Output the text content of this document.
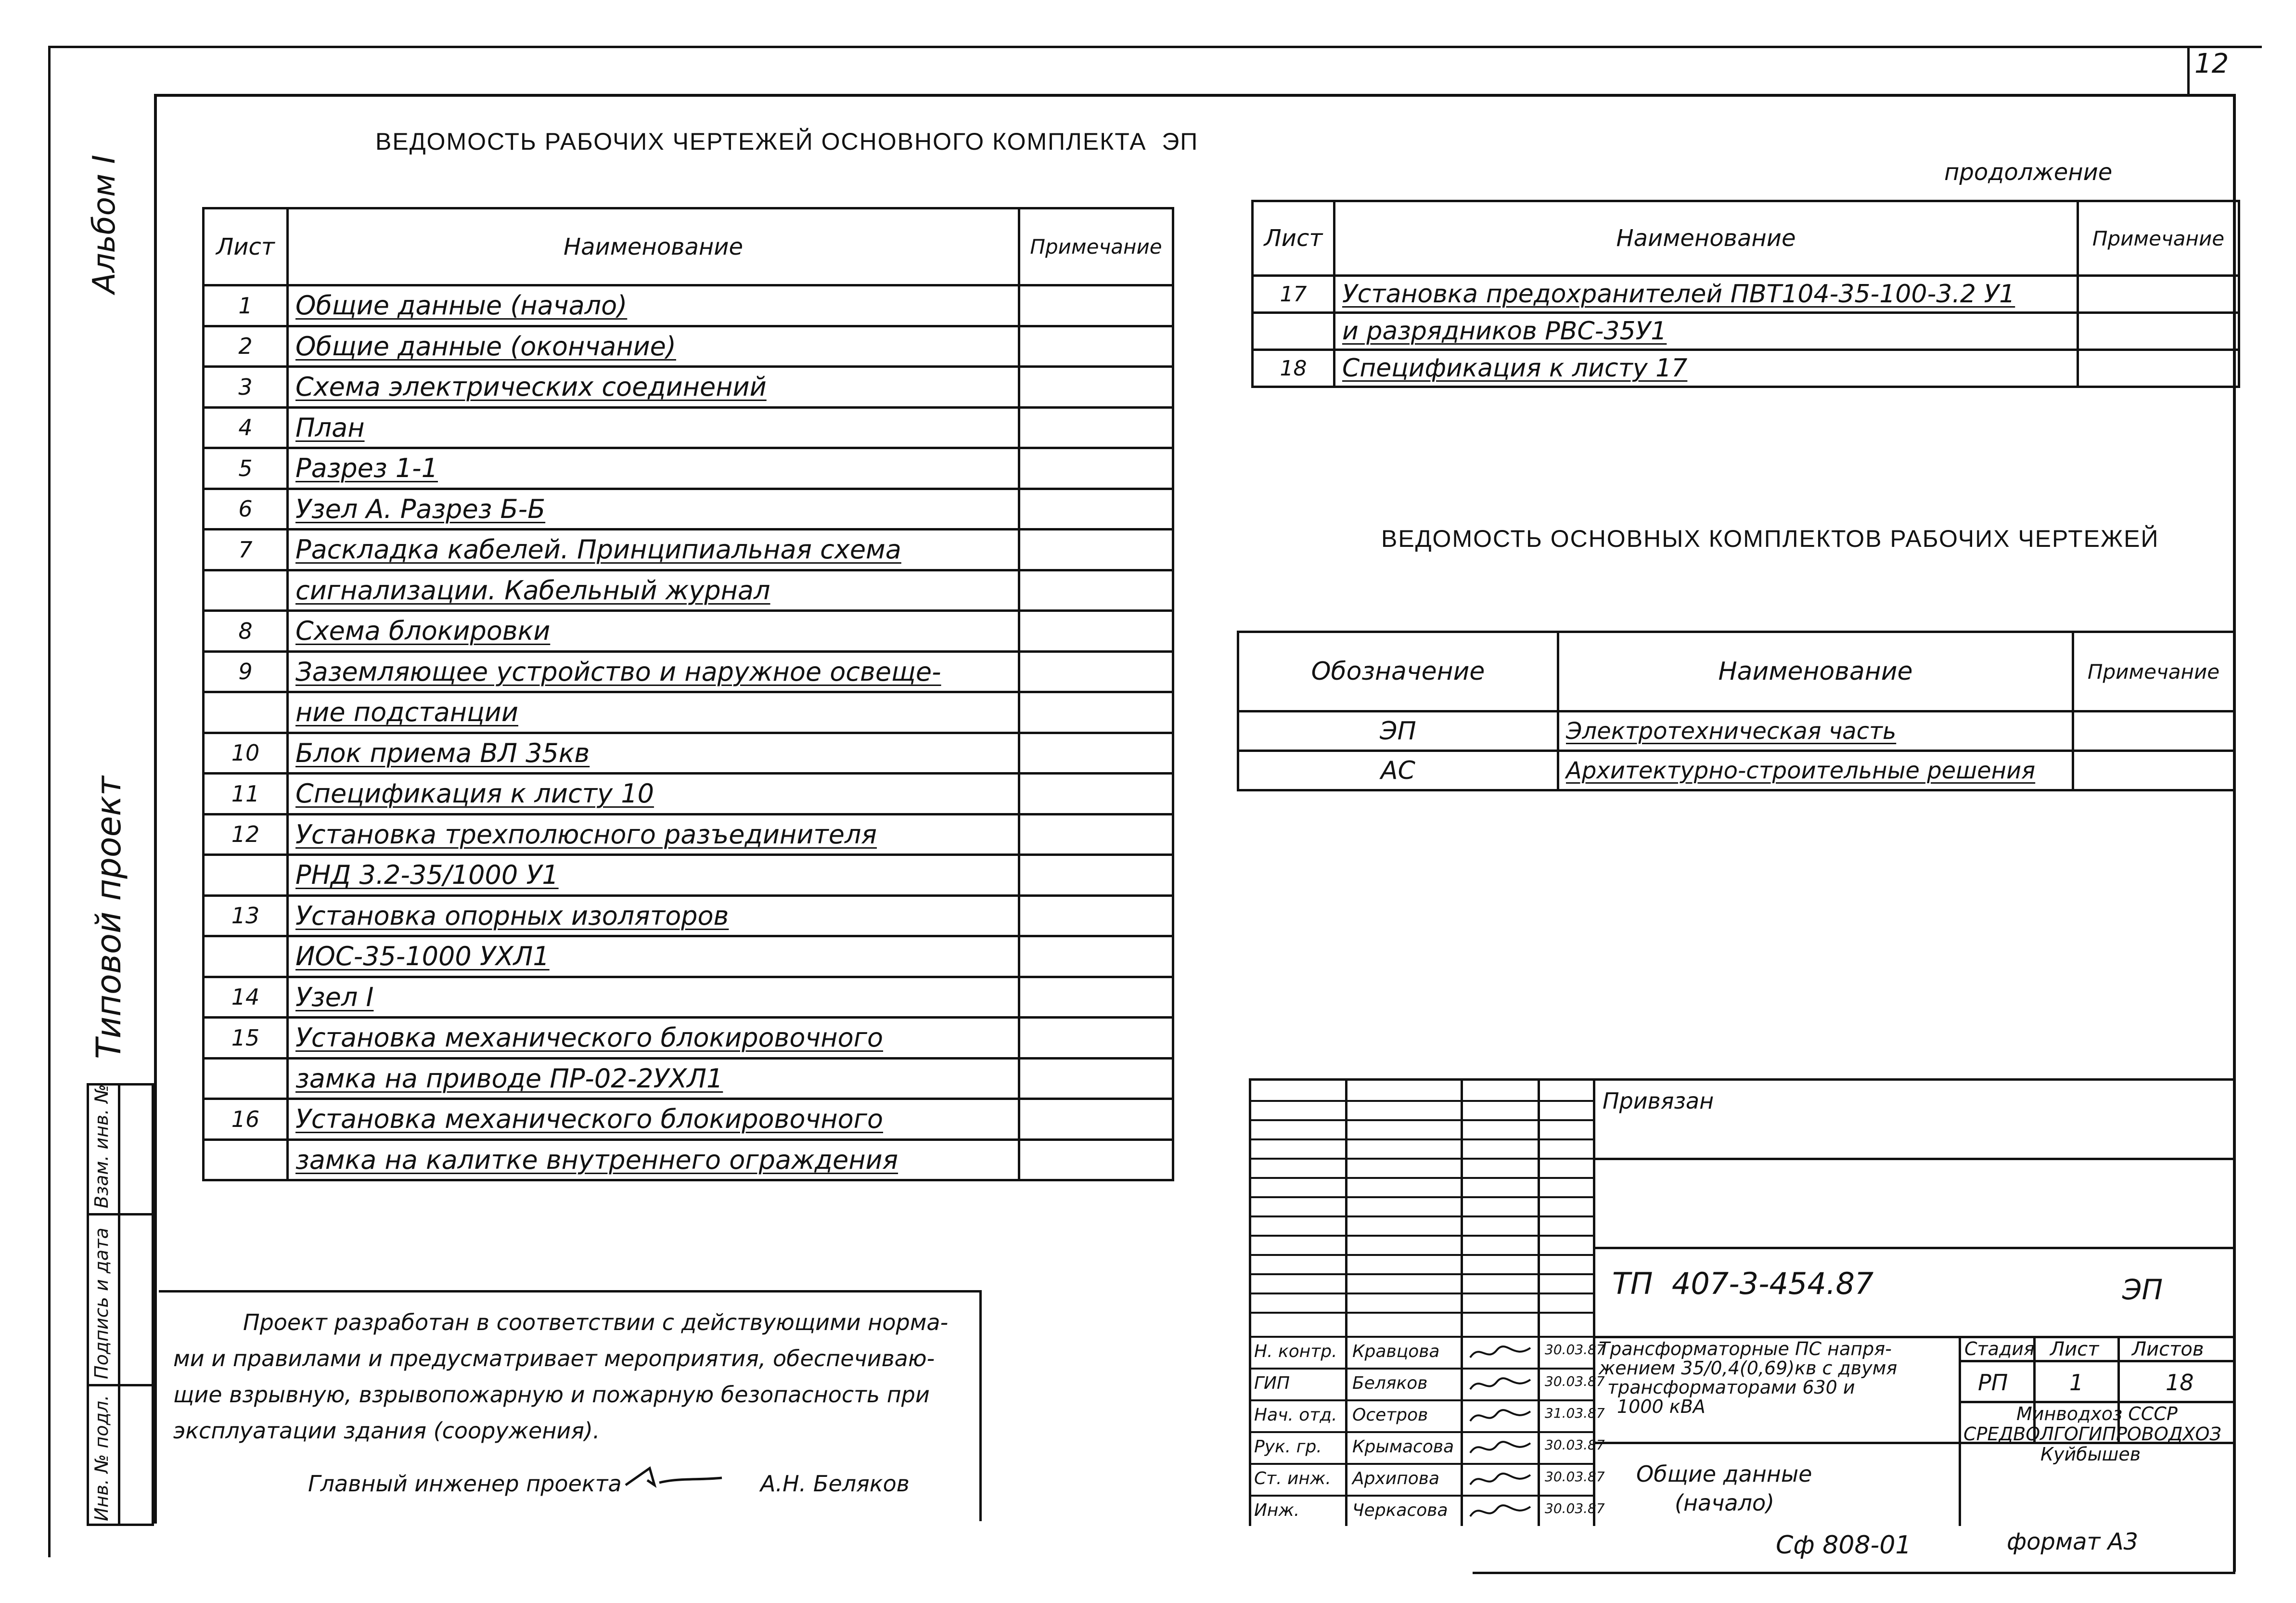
12
Альбом I
Типовой проект
Взам. инв. №
Подпись и дата
Инв. № подл.
ВЕДОМОСТЬ РАБОЧИХ ЧЕРТЕЖЕЙ ОСНОВНОГО КОМПЛЕКТА  ЭП
продолжение
Лист	Наименование	Примечание
1	Общие данные (начало)	
2	Общие данные (окончание)	
3	Схема электрических соединений	
4	План	
5	Разрез 1-1	
6	Узел А. Разрез Б-Б	
7	Раскладка кабелей. Принципиальная схема	
	сигнализации. Кабельный журнал	
8	Схема блокировки	
9	Заземляющее устройство и наружное освеще-	
	ние подстанции	
10	Блок приема ВЛ 35кв	
11	Спецификация к листу 10	
12	Установка трехполюсного разъединителя	
	РНД 3.2-35/1000 У1	
13	Установка опорных изоляторов	
	ИОС-35-1000 УХЛ1	
14	Узел I	
15	Установка механического блокировочного	
	замка на приводе ПР-02-2УХЛ1	
16	Установка механического блокировочного	
	замка на калитке внутреннего ограждения	
Лист	Наименование	Примечание
17	Установка предохранителей ПВТ104-35-100-3.2 У1	
	и разрядников РВС-35У1	
18	Спецификация к листу 17	
ВЕДОМОСТЬ ОСНОВНЫХ КОМПЛЕКТОВ РАБОЧИХ ЧЕРТЕЖЕЙ
Обозначение	Наименование	Примечание
ЭП	Электротехническая часть	
АС	Архитектурно-строительные решения	
Проект разработан в соответствии с действующими норма-
ми и правилами и предусматривает мероприятия, обеспечиваю-
щие взрывную, взрывопожарную и пожарную безопасность при
эксплуатации здания (сооружения).
Главный инженер проекта	А.Н. Беляков
Привязан
ТП  407-3-454.87	ЭП
Трансформаторные ПС напря-
жением 35/0,4(0,69)кв с двумя
трансформаторами 630 и
1000 кВА
Общие данные
(начало)
Стадия Лист Листов
РП	1	18
Минводхоз СССР
СРЕДВОЛГОГИПРОВОДХОЗ
Куйбышев
Н. контр. Кравцова	30.03.87
ГИП	Беляков	30.03.87
Нач. отд. Осетров	31.03.87
Рук. гр. Крымасова	30.03.87
Ст. инж. Архипова	30.03.87
Инж.	Черкасова	30.03.87
Сф 808-01	формат А3
